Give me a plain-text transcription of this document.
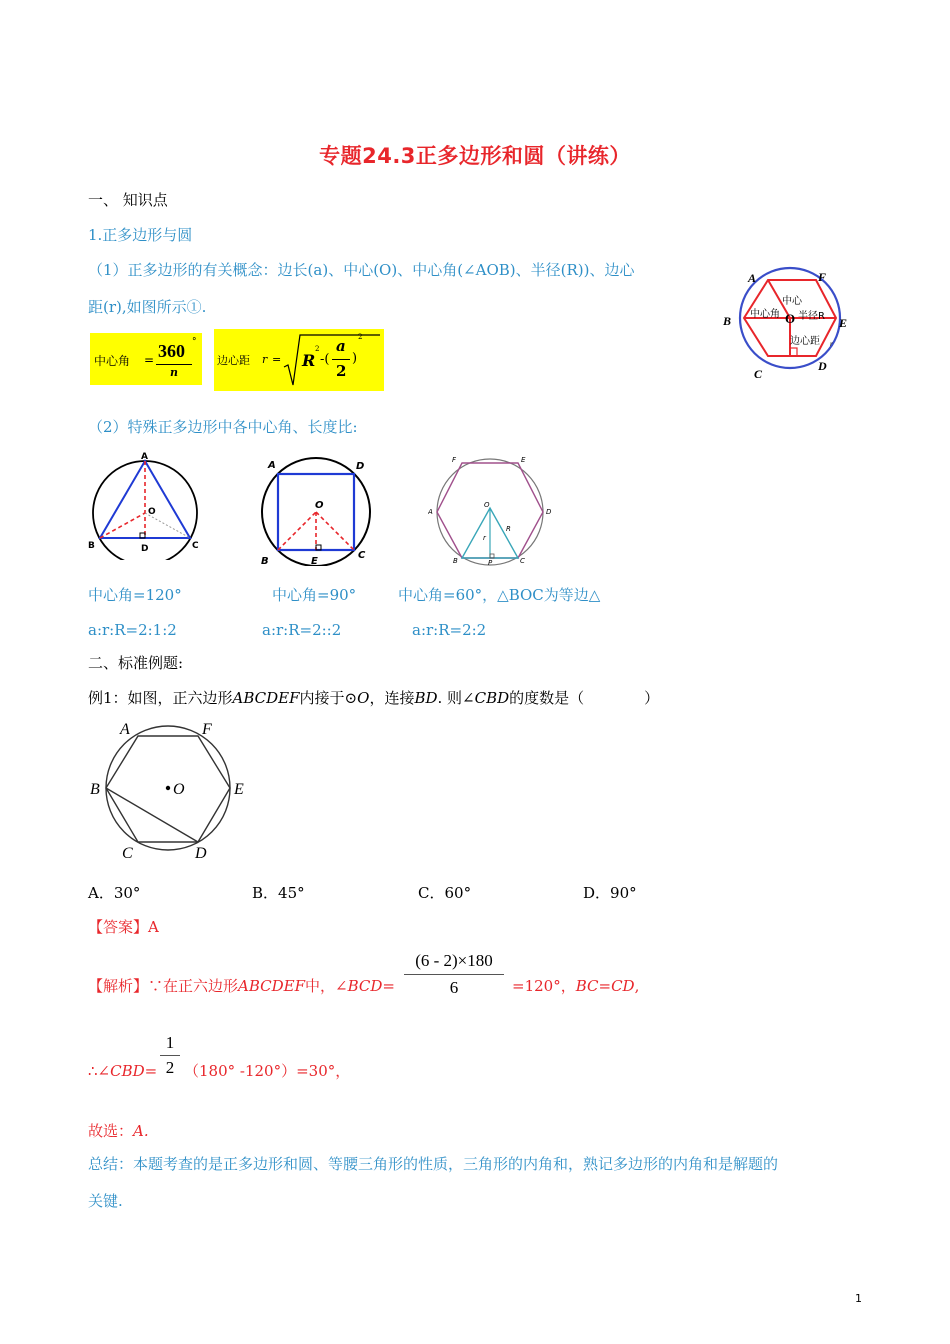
专题24.3正多边形和圆（讲练）
一、 知识点
1.正多边形与圆
（1）正多边形的有关概念：边长(a)、中心(O)、中心角(∠AOB)、半径(R))、边心
距(r),如图所示①.
中心角 = 360 °
n
边心距 r = R
2
-(
a
2
)
2
A	F
B	E
C
D
O
中心
中心角 半径R
边心距 r
（2）特殊正多边形中各中心角、长度比:
A
B	C
D
O
A	D
O
B	E
C
F	E
A	D
B	C
O
R
r
P
中心角=120°	中心角=90°	中心角=60°，△BOC为等边△
a:r:R=2:1:2	a:r:R=2::2	a:r:R=2:2
二、标准例题:
例1：如图，正六边形ABCDEF内接于⊙O，连接BD. 则∠CBD的度数是（　　　　）
A	F
B	O	E
C	D
A．30°	B．45°	C．60°	D．90°
【答案】A
【解析】∵在正六边形ABCDEF中，∠BCD= $\frac{(6 - 2)\times 180}{6} =120^\circ$，BC=CD,
∴∠CBD= $\frac{1}{2} (180^\circ$ -120°）=30°，
故选：A.
总结：本题考查的是正多边形和圆、等腰三角形的性质，三角形的内角和，熟记多边形的内角和是解题的
关键.
1
